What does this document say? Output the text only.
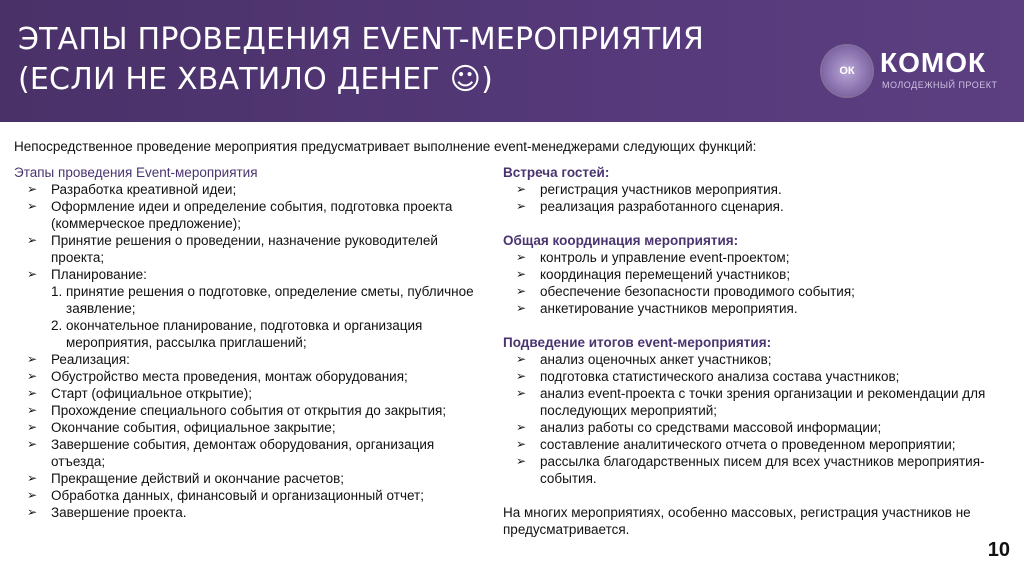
ЭТАПЫ ПРОВЕДЕНИЯ EVENT-МЕРОПРИЯТИЯ
(ЕСЛИ НЕ ХВАТИЛО ДЕНЕГ ☺)	ОК КОМОК
МОЛОДЕЖНЫЙ ПРОЕКТ
Непосредственное проведение мероприятия предусматривает выполнение event-менеджерами следующих функций:
Этапы проведения Event-мероприятия
➢ Разработка креативной идеи;
➢ Оформление идеи и определение события, подготовка проекта (коммерческое предложение);
➢ Принятие решения о проведении, назначение руководителей проекта;
➢ Планирование:
1. принятие решения о подготовке, определение сметы, публичное заявление;
2. окончательное планирование, подготовка и организация мероприятия, рассылка приглашений;
➢ Реализация:
➢ Обустройство места проведения, монтаж оборудования;
➢ Старт (официальное открытие);
➢ Прохождение специального события от открытия до закрытия;
➢ Окончание события, официальное закрытие;
➢ Завершение события, демонтаж оборудования, организация отъезда;
➢ Прекращение действий и окончание расчетов;
➢ Обработка данных, финансовый и организационный отчет;
➢ Завершение проекта.
Встреча гостей:
➢ регистрация участников мероприятия.
➢ реализация разработанного сценария.
Общая координация мероприятия:
➢ контроль и управление event-проектом;
➢ координация перемещений участников;
➢ обеспечение безопасности проводимого события;
➢ анкетирование участников мероприятия.
Подведение итогов event-мероприятия:
➢ анализ оценочных анкет участников;
➢ подготовка статистического анализа состава участников;
➢ анализ event-проекта с точки зрения организации и рекомендации для последующих мероприятий;
➢ анализ работы со средствами массовой информации;
➢ составление аналитического отчета о проведенном мероприятии;
➢ рассылка благодарственных писем для всех участников мероприятия-события.
На многих мероприятиях, особенно массовых, регистрация участников не предусматривается.
10
